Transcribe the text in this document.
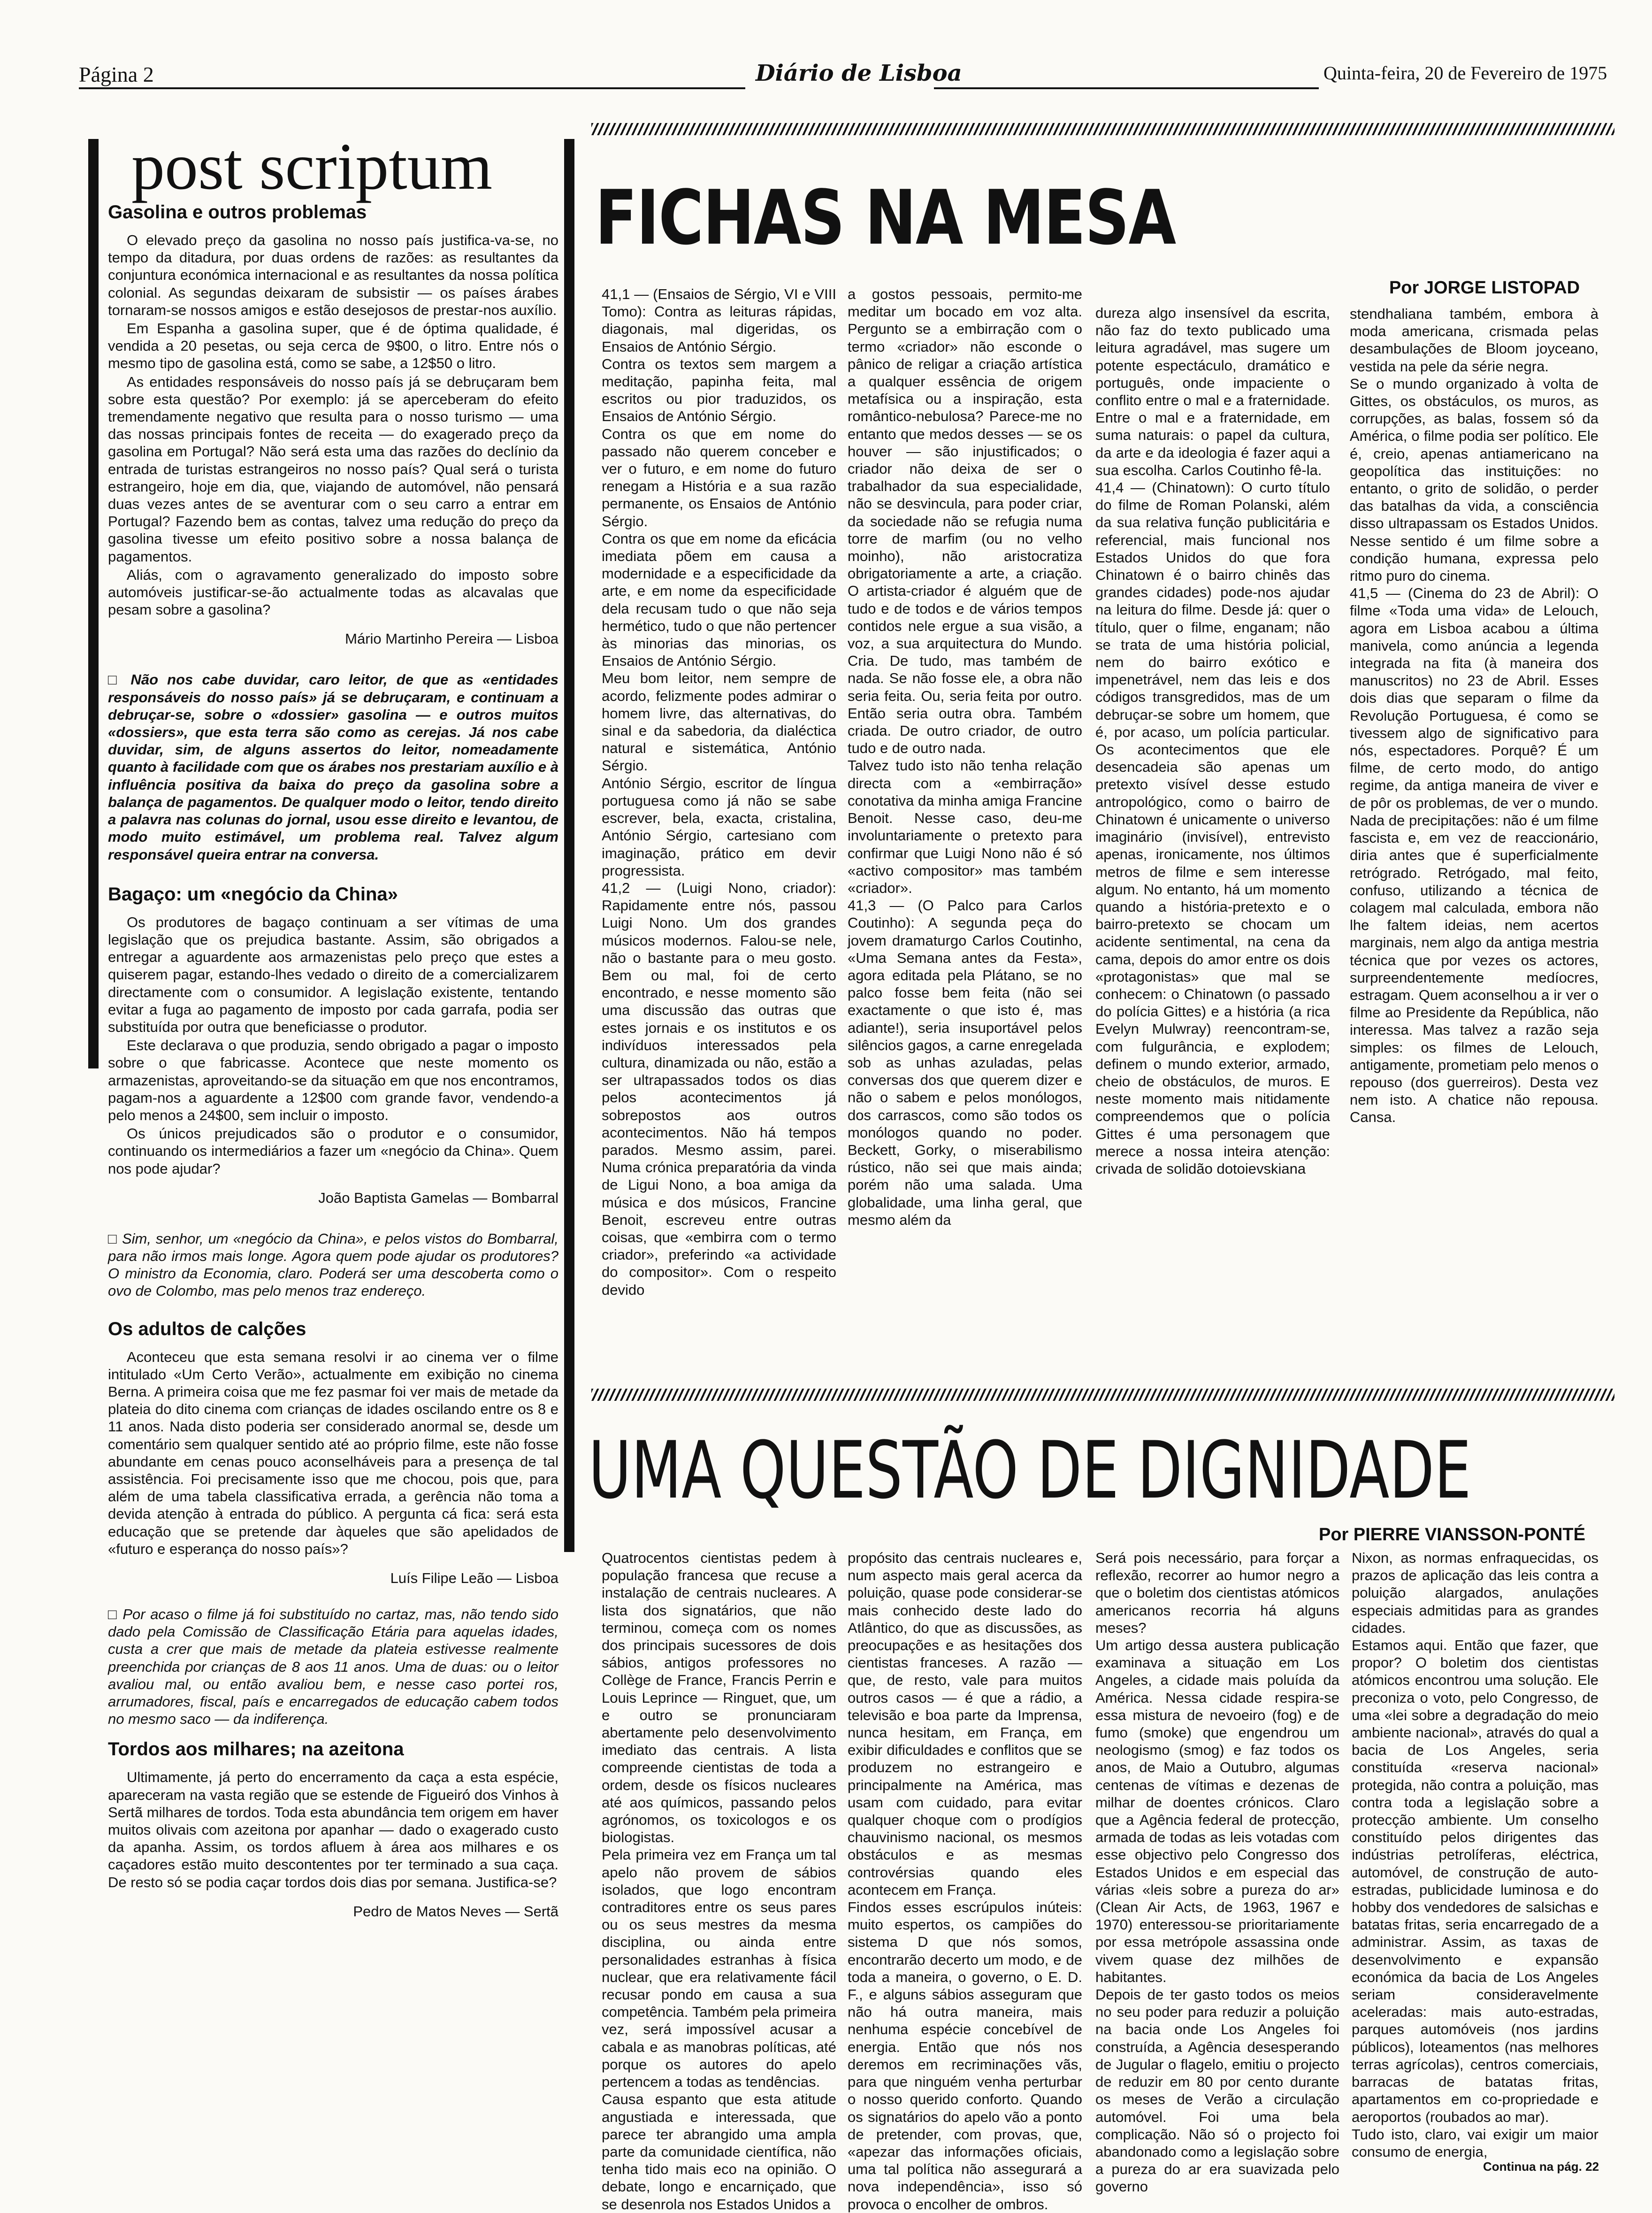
Página 2	Diário de Lisboa	Quinta-feira, 20 de Fevereiro de 1975
post scriptum
Gasolina e outros problemas

O elevado preço da gasolina no nosso país justifica-va-se, no tempo da ditadura, por duas ordens de razões: as resultantes da conjuntura económica internacional e as resultantes da nossa política colonial. As segundas deixaram de subsistir — os países árabes tornaram-se nossos amigos e estão desejosos de prestar-nos auxílio.

Em Espanha a gasolina super, que é de óptima qualidade, é vendida a 20 pesetas, ou seja cerca de 9$00, o litro. Entre nós o mesmo tipo de gasolina está, como se sabe, a 12$50 o litro.

As entidades responsáveis do nosso país já se debruçaram bem sobre esta questão? Por exemplo: já se aperceberam do efeito tremendamente negativo que resulta para o nosso turismo — uma das nossas principais fontes de receita — do exagerado preço da gasolina em Portugal? Não será esta uma das razões do declínio da entrada de turistas estrangeiros no nosso país? Qual será o turista estrangeiro, hoje em dia, que, viajando de automóvel, não pensará duas vezes antes de se aventurar com o seu carro a entrar em Portugal? Fazendo bem as contas, talvez uma redução do preço da gasolina tivesse um efeito positivo sobre a nossa balança de pagamentos.

Aliás, com o agravamento generalizado do imposto sobre automóveis justificar-se-ão actualmente todas as alcavalas que pesam sobre a gasolina?

Mário Martinho Pereira — Lisboa

□ Não nos cabe duvidar, caro leitor, de que as «entidades responsáveis do nosso país» já se debruçaram, e continuam a debruçar-se, sobre o «dossier» gasolina — e outros muitos «dossiers», que esta terra são como as cerejas. Já nos cabe duvidar, sim, de alguns assertos do leitor, nomeadamente quanto à facilidade com que os árabes nos prestariam auxílio e à influência positiva da baixa do preço da gasolina sobre a balança de pagamentos. De qualquer modo o leitor, tendo direito a palavra nas colunas do jornal, usou esse direito e levantou, de modo muito estimável, um problema real. Talvez algum responsável queira entrar na conversa.

Bagaço: um «negócio da China»

Os produtores de bagaço continuam a ser vítimas de uma legislação que os prejudica bastante. Assim, são obrigados a entregar a aguardente aos armazenistas pelo preço que estes a quiserem pagar, estando-lhes vedado o direito de a comercializarem directamente com o consumidor. A legislação existente, tentando evitar a fuga ao pagamento de imposto por cada garrafa, podia ser substituída por outra que beneficiasse o produtor.

Este declarava o que produzia, sendo obrigado a pagar o imposto sobre o que fabricasse. Acontece que neste momento os armazenistas, aproveitando-se da situação em que nos encontramos, pagam-nos a aguardente a 12$00 com grande favor, vendendo-a pelo menos a 24$00, sem incluir o imposto.

Os únicos prejudicados são o produtor e o consumidor, continuando os intermediários a fazer um «negócio da China». Quem nos pode ajudar?

João Baptista Gamelas — Bombarral

□ Sim, senhor, um «negócio da China», e pelos vistos do Bombarral, para não irmos mais longe. Agora quem pode ajudar os produtores? O ministro da Economia, claro. Poderá ser uma descoberta como o ovo de Colombo, mas pelo menos traz endereço.

Os adultos de calções

Aconteceu que esta semana resolvi ir ao cinema ver o filme intitulado «Um Certo Verão», actualmente em exibição no cinema Berna. A primeira coisa que me fez pasmar foi ver mais de metade da plateia do dito cinema com crianças de idades oscilando entre os 8 e 11 anos. Nada disto poderia ser considerado anormal se, desde um comentário sem qualquer sentido até ao próprio filme, este não fosse abundante em cenas pouco aconselháveis para a presença de tal assistência. Foi precisamente isso que me chocou, pois que, para além de uma tabela classificativa errada, a gerência não toma a devida atenção à entrada do público. A pergunta cá fica: será esta educação que se pretende dar àqueles que são apelidados de «futuro e esperança do nosso país»?

Luís Filipe Leão — Lisboa

□ Por acaso o filme já foi substituído no cartaz, mas, não tendo sido dado pela Comissão de Classificação Etária para aquelas idades, custa a crer que mais de metade da plateia estivesse realmente preenchida por crianças de 8 aos 11 anos. Uma de duas: ou o leitor avaliou mal, ou então avaliou bem, e nesse caso portei ros, arrumadores, fiscal, país e encarregados de educação cabem todos no mesmo saco — da indiferença.

Tordos aos milhares; na azeitona

Ultimamente, já perto do encerramento da caça a esta espécie, apareceram na vasta região que se estende de Figueiró dos Vinhos à Sertã milhares de tordos. Toda esta abundância tem origem em haver muitos olivais com azeitona por apanhar — dado o exagerado custo da apanha. Assim, os tordos afluem à área aos milhares e os caçadores estão muito descontentes por ter terminado a sua caça. De resto só se podia caçar tordos dois dias por semana. Justifica-se?

Pedro de Matos Neves — Sertã
FICHAS NA MESA
Por JORGE LISTOPAD
41,1 — (Ensaios de Sérgio, VI e VIII Tomo): Contra as leituras rápidas, diagonais, mal digeridas, os Ensaios de António Sérgio.
Contra os textos sem margem a meditação, papinha feita, mal escritos ou pior traduzidos, os Ensaios de António Sérgio.
Contra os que em nome do passado não querem conceber e ver o futuro, e em nome do futuro renegam a História e a sua razão permanente, os Ensaios de António Sérgio.
Contra os que em nome da eficácia imediata põem em causa a modernidade e a especificidade da arte, e em nome da especificidade dela recusam tudo o que não seja hermético, tudo o que não pertencer às minorias das minorias, os Ensaios de António Sérgio.
Meu bom leitor, nem sempre de acordo, felizmente podes admirar o homem livre, das alternativas, do sinal e da sabedoria, da dialéctica natural e sistemática, António Sérgio.
António Sérgio, escritor de língua portuguesa como já não se sabe escrever, bela, exacta, cristalina, António Sérgio, cartesiano com imaginação, prático em devir progressista.
41,2 — (Luigi Nono, criador): Rapidamente entre nós, passou Luigi Nono. Um dos grandes músicos modernos. Falou-se nele, não o bastante para o meu gosto. Bem ou mal, foi de certo encontrado, e nesse momento são uma discussão das outras que estes jornais e os institutos e os indivíduos interessados pela cultura, dinamizada ou não, estão a ser ultrapassados todos os dias pelos acontecimentos já sobrepostos aos outros acontecimentos. Não há tempos parados. Mesmo assim, parei. Numa crónica preparatória da vinda de Ligui Nono, a boa amiga da música e dos músicos, Francine Benoit, escreveu entre outras coisas, que «embirra com o termo criador», preferindo «a actividade do compositor». Com o respeito devido
a gostos pessoais, permito-me meditar um bocado em voz alta. Pergunto se a embirração com o termo «criador» não esconde o pânico de religar a criação artística a qualquer essência de origem metafísica ou a inspiração, esta romântico-nebulosa? Parece-me no entanto que medos desses — se os houver — são injustificados; o criador não deixa de ser o trabalhador da sua especialidade, não se desvincula, para poder criar, da sociedade não se refugia numa torre de marfim (ou no velho moinho), não aristocratiza obrigatoriamente a arte, a criação. O artista-criador é alguém que de tudo e de todos e de vários tempos contidos nele ergue a sua visão, a voz, a sua arquitectura do Mundo. Cria. De tudo, mas também de nada. Se não fosse ele, a obra não seria feita. Ou, seria feita por outro. Então seria outra obra. Também criada. De outro criador, de outro tudo e de outro nada.
Talvez tudo isto não tenha relação directa com a «embirração» conotativa da minha amiga Francine Benoit. Nesse caso, deu-me involuntariamente o pretexto para confirmar que Luigi Nono não é só «activo compositor» mas também «criador».
41,3 — (O Palco para Carlos Coutinho): A segunda peça do jovem dramaturgo Carlos Coutinho, «Uma Semana antes da Festa», agora editada pela Plátano, se no palco fosse bem feita (não sei exactamente o que isto é, mas adiante!), seria insuportável pelos silêncios gagos, a carne enregelada sob as unhas azuladas, pelas conversas dos que querem dizer e não o sabem e pelos monólogos, dos carrascos, como são todos os monólogos quando no poder. Beckett, Gorky, o miserabilismo rústico, não sei que mais ainda; porém não uma salada. Uma globalidade, uma linha geral, que mesmo além da
dureza algo insensível da escrita, não faz do texto publicado uma leitura agradável, mas sugere um potente espectáculo, dramático e português, onde impaciente o conflito entre o mal e a fraternidade. Entre o mal e a fraternidade, em suma naturais: o papel da cultura, da arte e da ideologia é fazer aqui a sua escolha. Carlos Coutinho fê-la.
41,4 — (Chinatown): O curto título do filme de Roman Polanski, além da sua relativa função publicitária e referencial, mais funcional nos Estados Unidos do que fora Chinatown é o bairro chinês das grandes cidades) pode-nos ajudar na leitura do filme. Desde já: quer o título, quer o filme, enganam; não se trata de uma história policial, nem do bairro exótico e impenetrável, nem das leis e dos códigos transgredidos, mas de um debruçar-se sobre um homem, que é, por acaso, um polícia particular. Os acontecimentos que ele desencadeia são apenas um pretexto visível desse estudo antropológico, como o bairro de Chinatown é unicamente o universo imaginário (invisível), entrevisto apenas, ironicamente, nos últimos metros de filme e sem interesse algum. No entanto, há um momento quando a história-pretexto e o bairro-pretexto se chocam um acidente sentimental, na cena da cama, depois do amor entre os dois «protagonistas» que mal se conhecem: o Chinatown (o passado do polícia Gittes) e a história (a rica Evelyn Mulwray) reencontram-se, com fulgurância, e explodem; definem o mundo exterior, armado, cheio de obstáculos, de muros. E neste momento mais nitidamente compreendemos que o polícia Gittes é uma personagem que merece a nossa inteira atenção: crivada de solidão dotoievskiana
stendhaliana também, embora à moda americana, crismada pelas desambulações de Bloom joyceano, vestida na pele da série negra.
Se o mundo organizado à volta de Gittes, os obstáculos, os muros, as corrupções, as balas, fossem só da América, o filme podia ser político. Ele é, creio, apenas antiamericano na geopolítica das instituições: no entanto, o grito de solidão, o perder das batalhas da vida, a consciência disso ultrapassam os Estados Unidos. Nesse sentido é um filme sobre a condição humana, expressa pelo ritmo puro do cinema.
41,5 — (Cinema do 23 de Abril): O filme «Toda uma vida» de Lelouch, agora em Lisboa acabou a última manivela, como anúncia a legenda integrada na fita (à maneira dos manuscritos) no 23 de Abril. Esses dois dias que separam o filme da Revolução Portuguesa, é como se tivessem algo de significativo para nós, espectadores. Porquê? É um filme, de certo modo, do antigo regime, da antiga maneira de viver e de pôr os problemas, de ver o mundo. Nada de precipitações: não é um filme fascista e, em vez de reaccionário, diria antes que é superficialmente retrógrado. Retrógado, mal feito, confuso, utilizando a técnica de colagem mal calculada, embora não lhe faltem ideias, nem acertos marginais, nem algo da antiga mestria técnica que por vezes os actores, surpreendentemente medíocres, estragam. Quem aconselhou a ir ver o filme ao Presidente da República, não interessa. Mas talvez a razão seja simples: os filmes de Lelouch, antigamente, prometiam pelo menos o repouso (dos guerreiros). Desta vez nem isto. A chatice não repousa. Cansa.
UMA QUESTÃO DE DIGNIDADE
Por PIERRE VIANSSON-PONTÉ
Quatrocentos cientistas pedem à população francesa que recuse a instalação de centrais nucleares. A lista dos signatários, que não terminou, começa com os nomes dos principais sucessores de dois sábios, antigos professores no Collège de France, Francis Perrin e Louis Leprince — Ringuet, que, um e outro se pronunciaram abertamente pelo desenvolvimento imediato das centrais. A lista compreende cientistas de toda a ordem, desde os físicos nucleares até aos químicos, passando pelos agrónomos, os toxicologos e os biologistas.
Pela primeira vez em França um tal apelo não provem de sábios isolados, que logo encontram contraditores entre os seus pares ou os seus mestres da mesma disciplina, ou ainda entre personalidades estranhas à física nuclear, que era relativamente fácil recusar pondo em causa a sua competência. Também pela primeira vez, será impossível acusar a cabala e as manobras políticas, até porque os autores do apelo pertencem a todas as tendências.
Causa espanto que esta atitude angustiada e interessada, que parece ter abrangido uma ampla parte da comunidade científica, não tenha tido mais eco na opinião. O debate, longo e encarniçado, que se desenrola nos Estados Unidos a
propósito das centrais nucleares e, num aspecto mais geral acerca da poluição, quase pode considerar-se mais conhecido deste lado do Atlântico, do que as discussões, as preocupações e as hesitações dos cientistas franceses. A razão — que, de resto, vale para muitos outros casos — é que a rádio, a televisão e boa parte da Imprensa, nunca hesitam, em França, em exibir dificuldades e conflitos que se produzem no estrangeiro e principalmente na América, mas usam com cuidado, para evitar qualquer choque com o prodígios chauvinismo nacional, os mesmos obstáculos e as mesmas controvérsias quando eles acontecem em França.
Findos esses escrúpulos inúteis: muito espertos, os campiões do sistema D que nós somos, encontrarão decerto um modo, e de toda a maneira, o governo, o E. D. F., e alguns sábios asseguram que não há outra maneira, mais nenhuma espécie concebível de energia. Então que nós nos deremos em recriminações vãs, para que ninguém venha perturbar o nosso querido conforto. Quando os signatários do apelo vão a ponto de pretender, com provas, que, «apezar das informações oficiais, uma tal política não assegurará a nova independência», isso só provoca o encolher de ombros.
Será pois necessário, para forçar a reflexão, recorrer ao humor negro a que o boletim dos cientistas atómicos americanos recorria há alguns meses?
Um artigo dessa austera publicação examinava a situação em Los Angeles, a cidade mais poluída da América. Nessa cidade respira-se essa mistura de nevoeiro (fog) e de fumo (smoke) que engendrou um neologismo (smog) e faz todos os anos, de Maio a Outubro, algumas centenas de vítimas e dezenas de milhar de doentes crónicos. Claro que a Agência federal de protecção, armada de todas as leis votadas com esse objectivo pelo Congresso dos Estados Unidos e em especial das várias «leis sobre a pureza do ar» (Clean Air Acts, de 1963, 1967 e 1970) enteressou-se prioritariamente por essa metrópole assassina onde vivem quase dez milhões de habitantes.
Depois de ter gasto todos os meios no seu poder para reduzir a poluição na bacia onde Los Angeles foi construída, a Agência desesperando de Jugular o flagelo, emitiu o projecto de reduzir em 80 por cento durante os meses de Verão a circulação automóvel. Foi uma bela complicação. Não só o projecto foi abandonado como a legislação sobre a pureza do ar era suavizada pelo governo
Nixon, as normas enfraquecidas, os prazos de aplicação das leis contra a poluição alargados, anulações especiais admitidas para as grandes cidades.
Estamos aqui. Então que fazer, que propor? O boletim dos cientistas atómicos encontrou uma solução. Ele preconiza o voto, pelo Congresso, de uma «lei sobre a degradação do meio ambiente nacional», através do qual a bacia de Los Angeles, seria constituída «reserva nacional» protegida, não contra a poluição, mas contra toda a legislação sobre a protecção ambiente. Um conselho constituído pelos dirigentes das indústrias petrolíferas, eléctrica, automóvel, de construção de auto-estradas, publicidade luminosa e do hobby dos vendedores de salsichas e batatas fritas, seria encarregado de a administrar. Assim, as taxas de desenvolvimento e expansão económica da bacia de Los Angeles seriam consideravelmente aceleradas: mais auto-estradas, parques automóveis (nos jardins públicos), loteamentos (nas melhores terras agrícolas), centros comerciais, barracas de batatas fritas, apartamentos em co-propriedade e aeroportos (roubados ao mar).
Tudo isto, claro, vai exigir um maior consumo de energia,
Continua na pág. 22
